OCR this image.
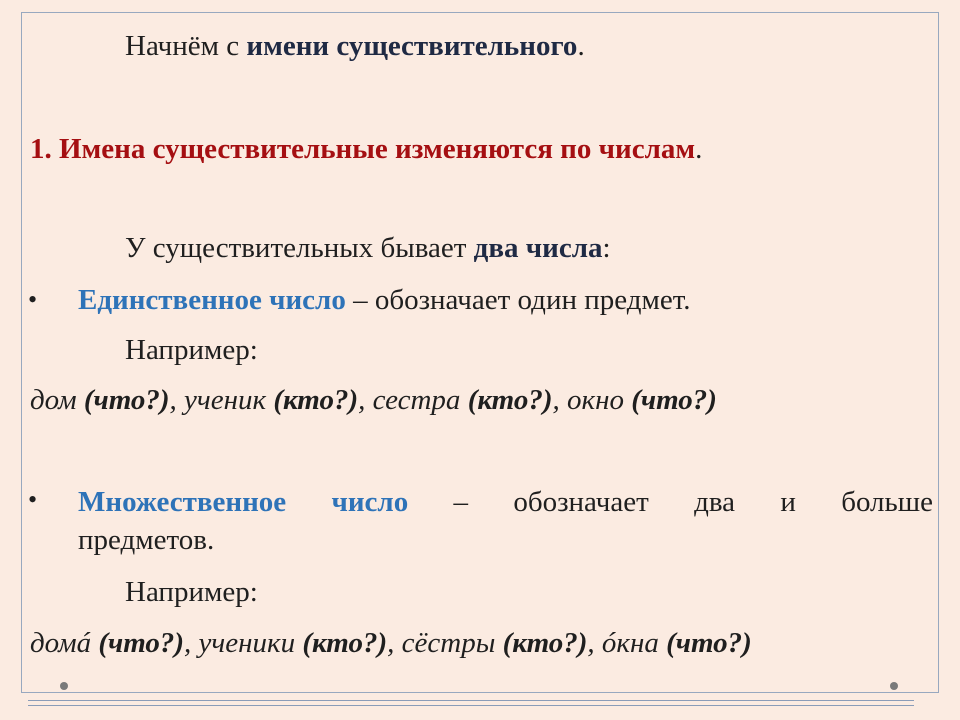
Начнём с имени существительного.
1. Имена существительные изменяются по числам.
У существительных бывает два числа:
• Единственное число – обозначает один предмет.
Например:
дом (что?), ученик (кто?), сестра (кто?), окно (что?)
• Множественное число – обозначает два и больше
предметов.
Например:
домá (что?), ученики (кто?), сёстры (кто?), óкна (что?)
